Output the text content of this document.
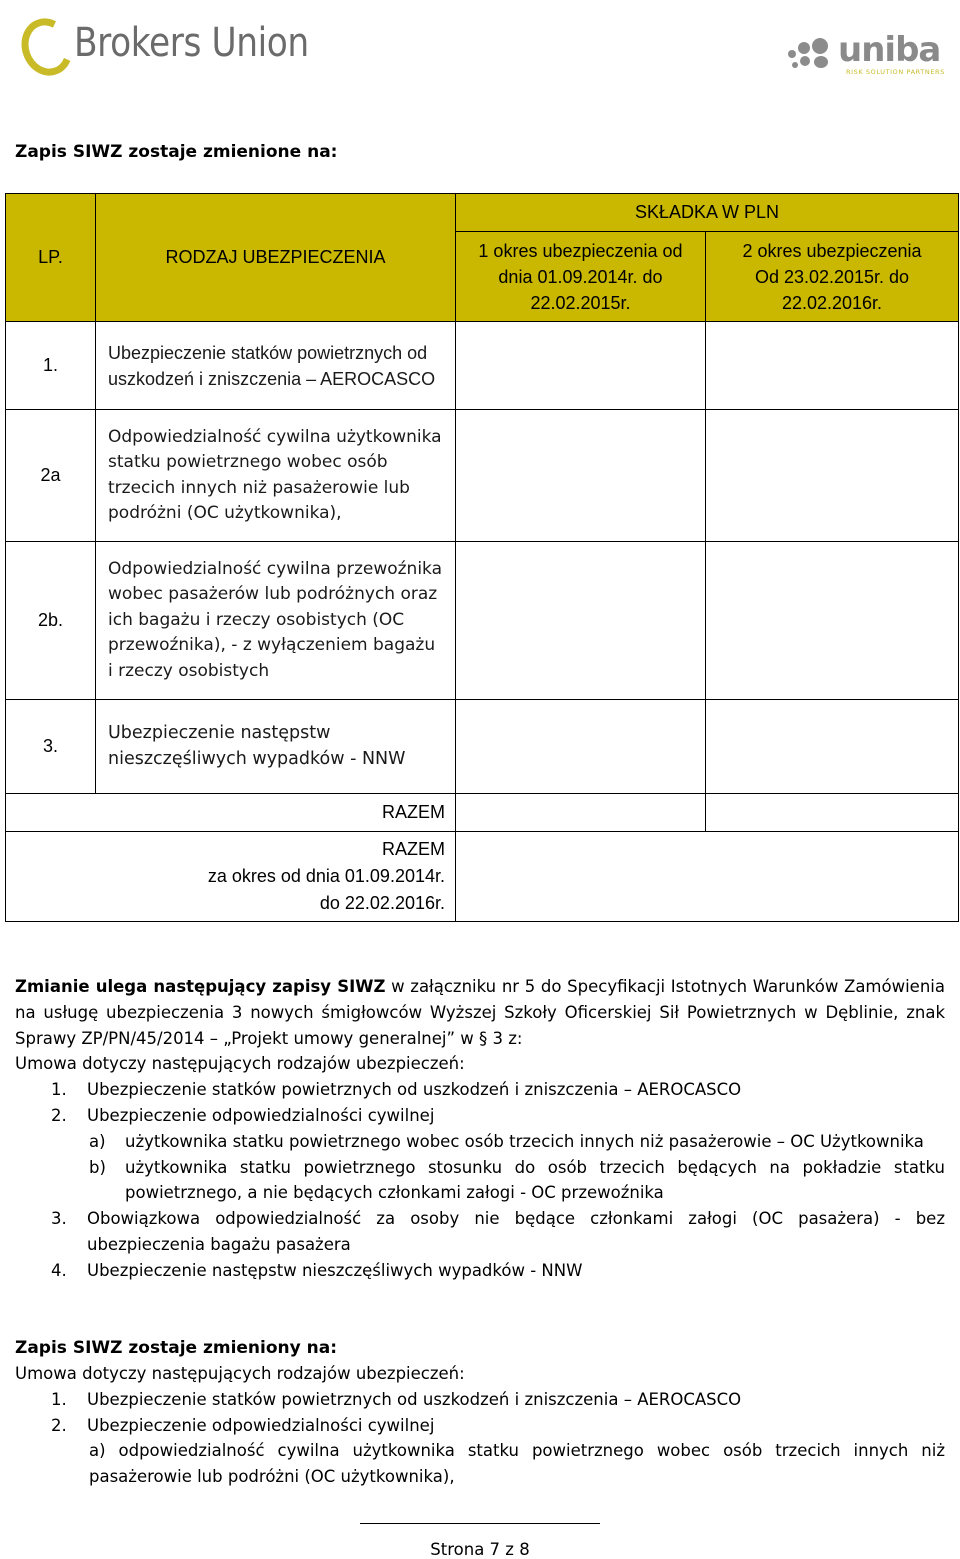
Brokers Union	uniba
RISK SOLUTION PARTNERS
Zapis SIWZ zostaje zmienione na:
LP.	RODZAJ UBEZPIECZENIA	SKŁADKA W PLN	
		1 okres ubezpieczenia od dnia 01.09.2014r. do 22.02.2015r.	2 okres ubezpieczenia Od 23.02.2015r. do 22.02.2016r.
1.	Ubezpieczenie statków powietrznych od uszkodzeń i zniszczenia – AEROCASCO		
2a	Odpowiedzialność cywilna użytkownika statku powietrznego wobec osób trzecich innych niż pasażerowie lub podróżni (OC użytkownika),		
2b.	Odpowiedzialność cywilna przewoźnika wobec pasażerów lub podróżnych oraz ich bagażu i rzeczy osobistych (OC przewoźnika), - z wyłączeniem bagażu i rzeczy osobistych		
3.	Ubezpieczenie następstw nieszczęśliwych wypadków - NNW		
RAZEM			

RAZEM
za okres od dnia 01.09.2014r.
do 22.02.2016r.			

Zmianie ulega następujący zapisy SIWZ w załączniku nr 5 do Specyfikacji Istotnych Warunków Zamówienia na usługę ubezpieczenia 3 nowych śmigłowców Wyższej Szkoły Oficerskiej Sił Powietrznych w Dęblinie, znak Sprawy ZP/PN/45/2014 – „Projekt umowy generalnej” w § 3 z:
Umowa dotyczy następujących rodzajów ubezpieczeń:
1. Ubezpieczenie statków powietrznych od uszkodzeń i zniszczenia – AEROCASCO
2. Ubezpieczenie odpowiedzialności cywilnej
a) użytkownika statku powietrznego wobec osób trzecich innych niż pasażerowie – OC Użytkownika
b) użytkownika statku powietrznego stosunku do osób trzecich będących na pokładzie statku powietrznego, a nie będących członkami załogi - OC przewoźnika
3. Obowiązkowa odpowiedzialność za osoby nie będące członkami załogi (OC pasażera) - bez ubezpieczenia bagażu pasażera
4. Ubezpieczenie następstw nieszczęśliwych wypadków - NNW
Zapis SIWZ zostaje zmieniony na:
Umowa dotyczy następujących rodzajów ubezpieczeń:
1. Ubezpieczenie statków powietrznych od uszkodzeń i zniszczenia – AEROCASCO
2. Ubezpieczenie odpowiedzialności cywilnej
a) odpowiedzialność cywilna użytkownika statku powietrznego wobec osób trzecich innych niż pasażerowie lub podróżni (OC użytkownika),
Strona 7 z 8
